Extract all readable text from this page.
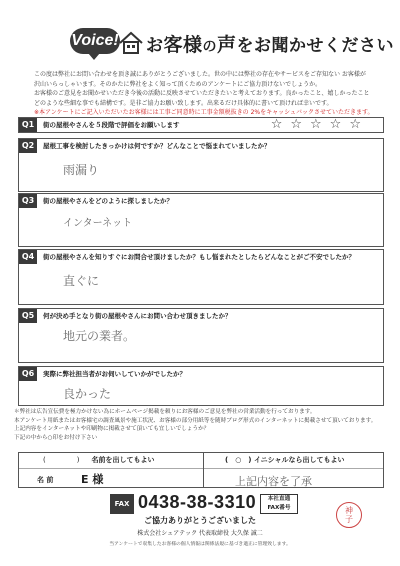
Voice! お客様の声をお聞かせください
この度は弊社にお問い合わせを頂き誠にありがとうございました。世の中には弊社の存在やサービスをご存知ない お客様が
沢山いらっしゃいます。そのかたに弊社をよく知って頂くためのアンケートにご協力頂けないでしょうか。
お客様のご意見をお聞かせいただき今後の活動に反映させていただきたいと考えております。良かったこと、嬉しかったこと
どのような些細な事でも結構です。是非ご協力お願い致します。出来るだけ具体的に書いて頂ければ幸いです。
※本アンケートにご記入いただいたお客様には工事ご同意時に工事金額税抜きの 2%をキャッシュバックさせていただきます。
Q1	街の屋根やさんを５段階で評価をお願いします	☆☆☆☆☆
Q2	屋根工事を検討したきっかけは何ですか？どんなことで悩まれていましたか？
雨漏り
Q3	街の屋根やさんをどのように探しましたか？
インターネット
Q4	街の屋根やさんを知りすぐにお問合せ頂けましたか？もし悩まれたとしたらどんなことがご不安でしたか？
直ぐに
Q5	何が決め手となり街の屋根やさんにお問い合わせ頂きましたか？
地元の業者。
Q6	実際に弊社担当者がお伺いしていかがでしたか？
良かった
＊弊社は広告宣伝費を極力かけない為にホームページ掲載を頼りにお客様のご意見を弊社の営業活動を行っております。
本アンケート用紙またはお客様宅の調査風景や施工状況、お客様の部分用紙等を随時ブログ形式のインターネットに掲載させて頂いております。
上記内容をインターネットや印刷物に掲載させて頂いても宜しいでしょうか？
下記の中から○印をお付け下さい
(　)名前を出してもよい	(　○　) イニシャルなら出してもよい
名 前	E 様	上記内容を了承
FAX 0438-38-3310	本社直通
FAX番号	神
子
ご協力ありがとうございました
株式会社シェアテック 代表取締役 大久保 誠二
当アンケートで収集したお客様の個人情報は関係法規に基づき適正に管理致します。
